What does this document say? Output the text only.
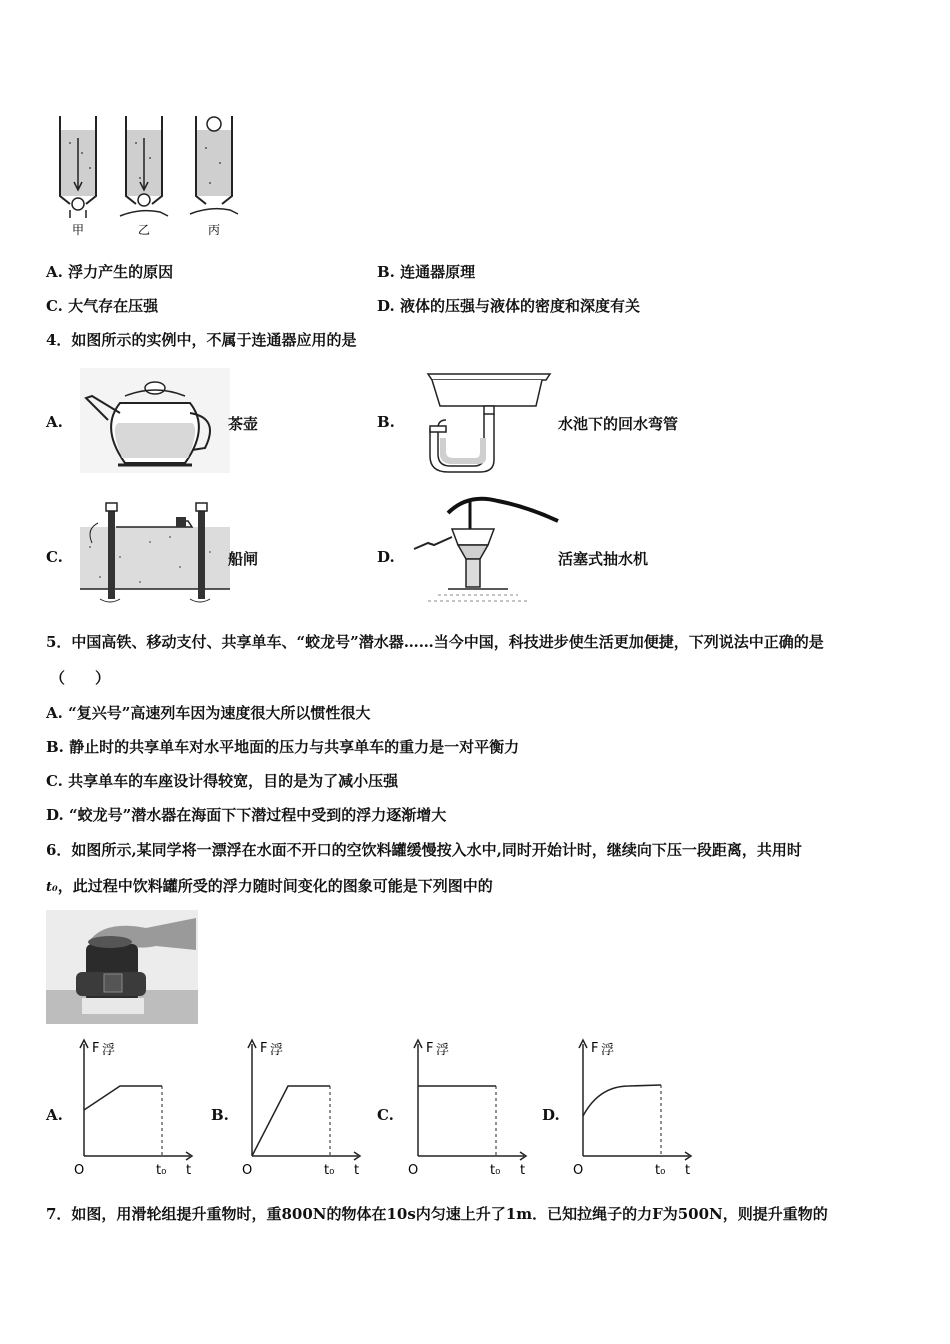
甲	乙	丙
A. 浮力产生的原因	B. 连通器原理
C. 大气存在压强	D. 液体的压强与液体的密度和深度有关
4．如图所示的实例中，不属于连通器应用的是
A.	茶壶	B.	水池下的回水弯管
C.	船闸	D.	活塞式抽水机
5．中国高铁、移动支付、共享单车、“蛟龙号”潜水器……当今中国，科技进步使生活更加便捷，下列说法中正确的是
（　　）
A. “复兴号”高速列车因为速度很大所以惯性很大
B. 静止时的共享单车对水平地面的压力与共享单车的重力是一对平衡力
C. 共享单车的车座设计得较宽，目的是为了减小压强
D. “蛟龙号”潜水器在海面下下潜过程中受到的浮力逐渐增大
6．如图所示,某同学将一漂浮在水面不开口的空饮料罐缓慢按入水中,同时开始计时，继续向下压一段距离，共用时
t₀，此过程中饮料罐所受的浮力随时间变化的图象可能是下列图中的
A.
F 浮
O	t₀ t
B.
F 浮
O	t₀ t
C.
F 浮
O	t₀ t
D.
F 浮
O	t₀ t
7．如图，用滑轮组提升重物时，重800N的物体在10s内匀速上升了1m．已知拉绳子的力F为500N，则提升重物的
